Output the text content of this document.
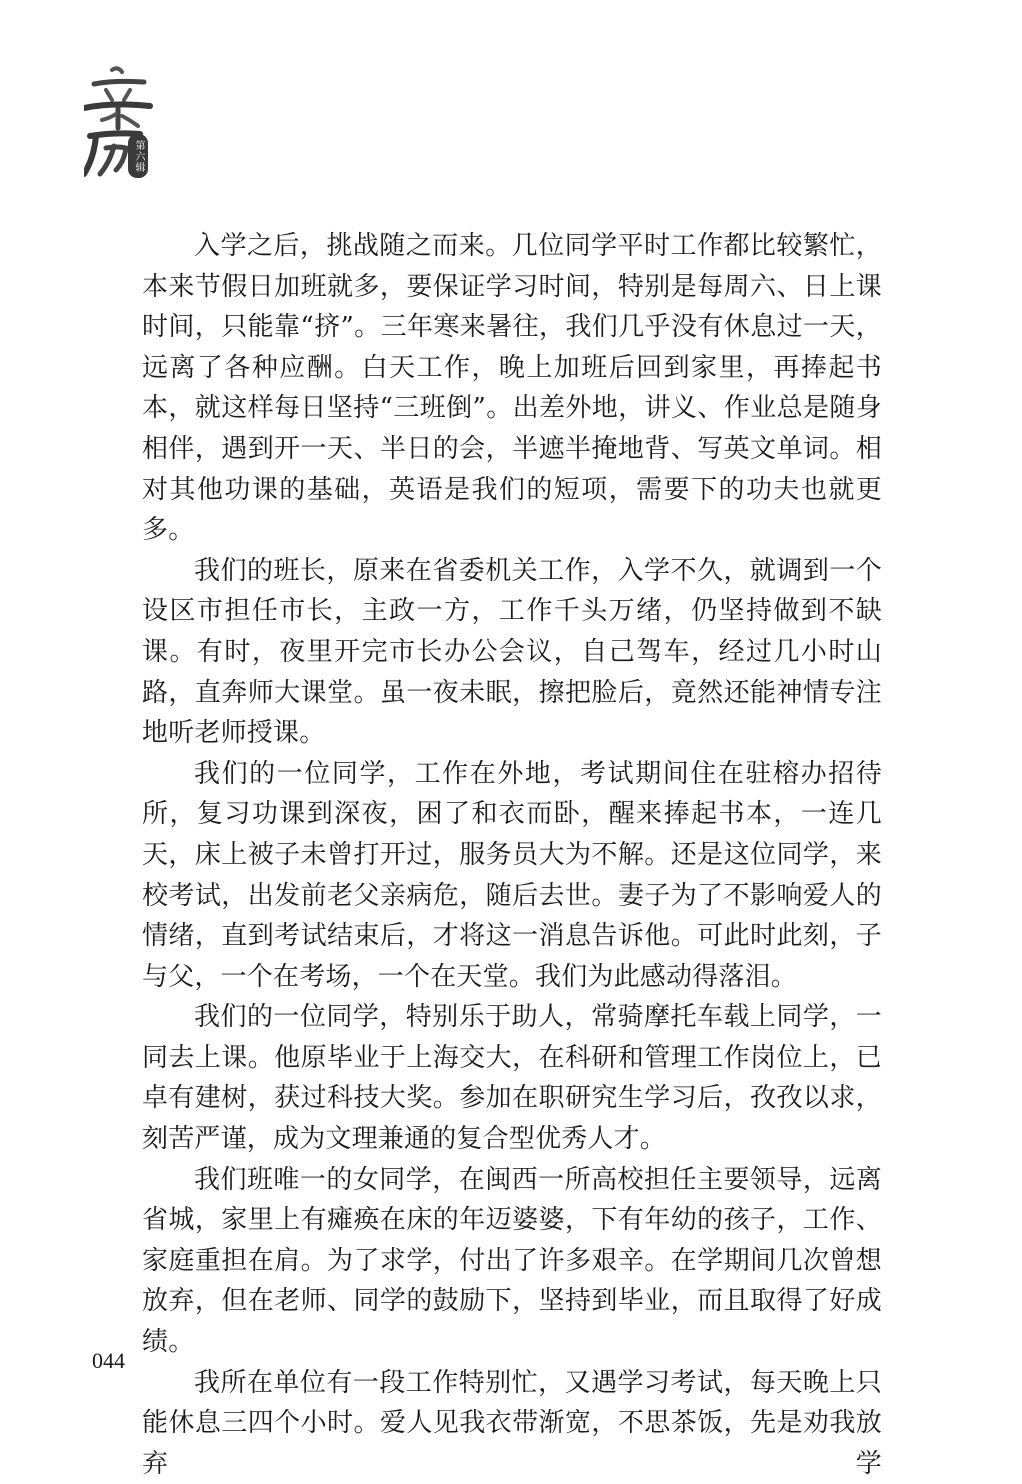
第六辑

入学之后，挑战随之而来。几位同学平时工作都比较繁忙，本来节假日加班就多，要保证学习时间，特别是每周六、日上课时间，只能靠“挤”。三年寒来暑往，我们几乎没有休息过一天，远离了各种应酬。白天工作，晚上加班后回到家里，再捧起书本，就这样每日坚持“三班倒”。出差外地，讲义、作业总是随身相伴，遇到开一天、半日的会，半遮半掩地背、写英文单词。相对其他功课的基础，英语是我们的短项，需要下的功夫也就更多。

我们的班长，原来在省委机关工作，入学不久，就调到一个设区市担任市长，主政一方，工作千头万绪，仍坚持做到不缺课。有时，夜里开完市长办公会议，自己驾车，经过几小时山路，直奔师大课堂。虽一夜未眠，擦把脸后，竟然还能神情专注地听老师授课。

我们的一位同学，工作在外地，考试期间住在驻榕办招待所，复习功课到深夜，困了和衣而卧，醒来捧起书本，一连几天，床上被子未曾打开过，服务员大为不解。还是这位同学，来校考试，出发前老父亲病危，随后去世。妻子为了不影响爱人的情绪，直到考试结束后，才将这一消息告诉他。可此时此刻，子与父，一个在考场，一个在天堂。我们为此感动得落泪。

我们的一位同学，特别乐于助人，常骑摩托车载上同学，一同去上课。他原毕业于上海交大，在科研和管理工作岗位上，已卓有建树，获过科技大奖。参加在职研究生学习后，孜孜以求，刻苦严谨，成为文理兼通的复合型优秀人才。

我们班唯一的女同学，在闽西一所高校担任主要领导，远离省城，家里上有瘫痪在床的年迈婆婆，下有年幼的孩子，工作、家庭重担在肩。为了求学，付出了许多艰辛。在学期间几次曾想放弃，但在老师、同学的鼓励下，坚持到毕业，而且取得了好成绩。

我所在单位有一段工作特别忙，又遇学习考试，每天晚上只能休息三四个小时。爱人见我衣带渐宽，不思茶饭，先是劝我放弃学

044
